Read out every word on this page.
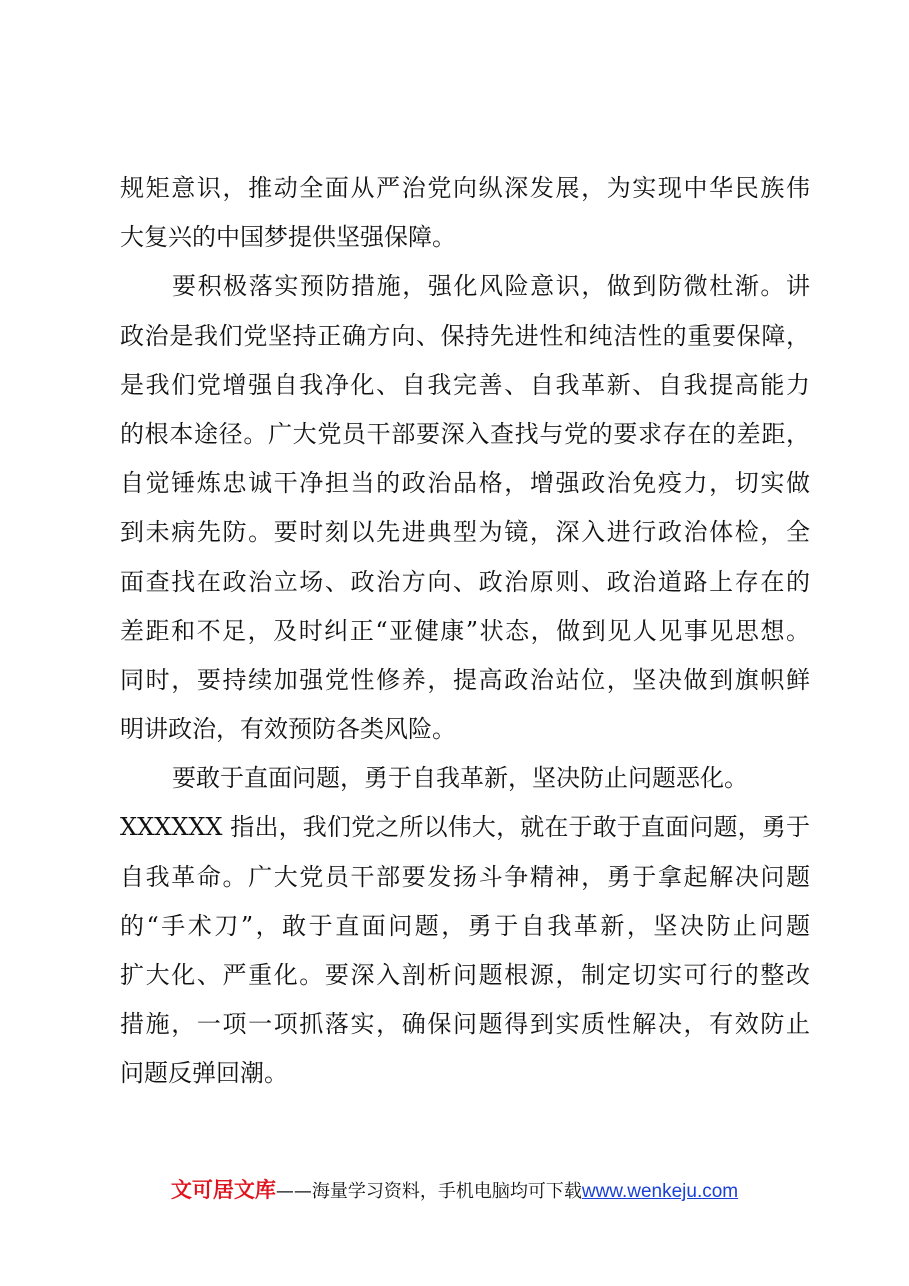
规矩意识，推动全面从严治党向纵深发展，为实现中华民族伟
大复兴的中国梦提供坚强保障。
要积极落实预防措施，强化风险意识，做到防微杜渐。讲
政治是我们党坚持正确方向、保持先进性和纯洁性的重要保障，
是我们党增强自我净化、自我完善、自我革新、自我提高能力
的根本途径。广大党员干部要深入查找与党的要求存在的差距，
自觉锤炼忠诚干净担当的政治品格，增强政治免疫力，切实做
到未病先防。要时刻以先进典型为镜，深入进行政治体检，全
面查找在政治立场、政治方向、政治原则、政治道路上存在的
差距和不足，及时纠正“亚健康”状态，做到见人见事见思想。
同时，要持续加强党性修养，提高政治站位，坚决做到旗帜鲜
明讲政治，有效预防各类风险。
要敢于直面问题，勇于自我革新，坚决防止问题恶化。
XXXXXX 指出，我们党之所以伟大，就在于敢于直面问题，勇于
自我革命。广大党员干部要发扬斗争精神，勇于拿起解决问题
的“手术刀”，敢于直面问题，勇于自我革新，坚决防止问题
扩大化、严重化。要深入剖析问题根源，制定切实可行的整改
措施，一项一项抓落实，确保问题得到实质性解决，有效防止
问题反弹回潮。
文可居文库——海量学习资料，手机电脑均可下载www.wenkeju.com
